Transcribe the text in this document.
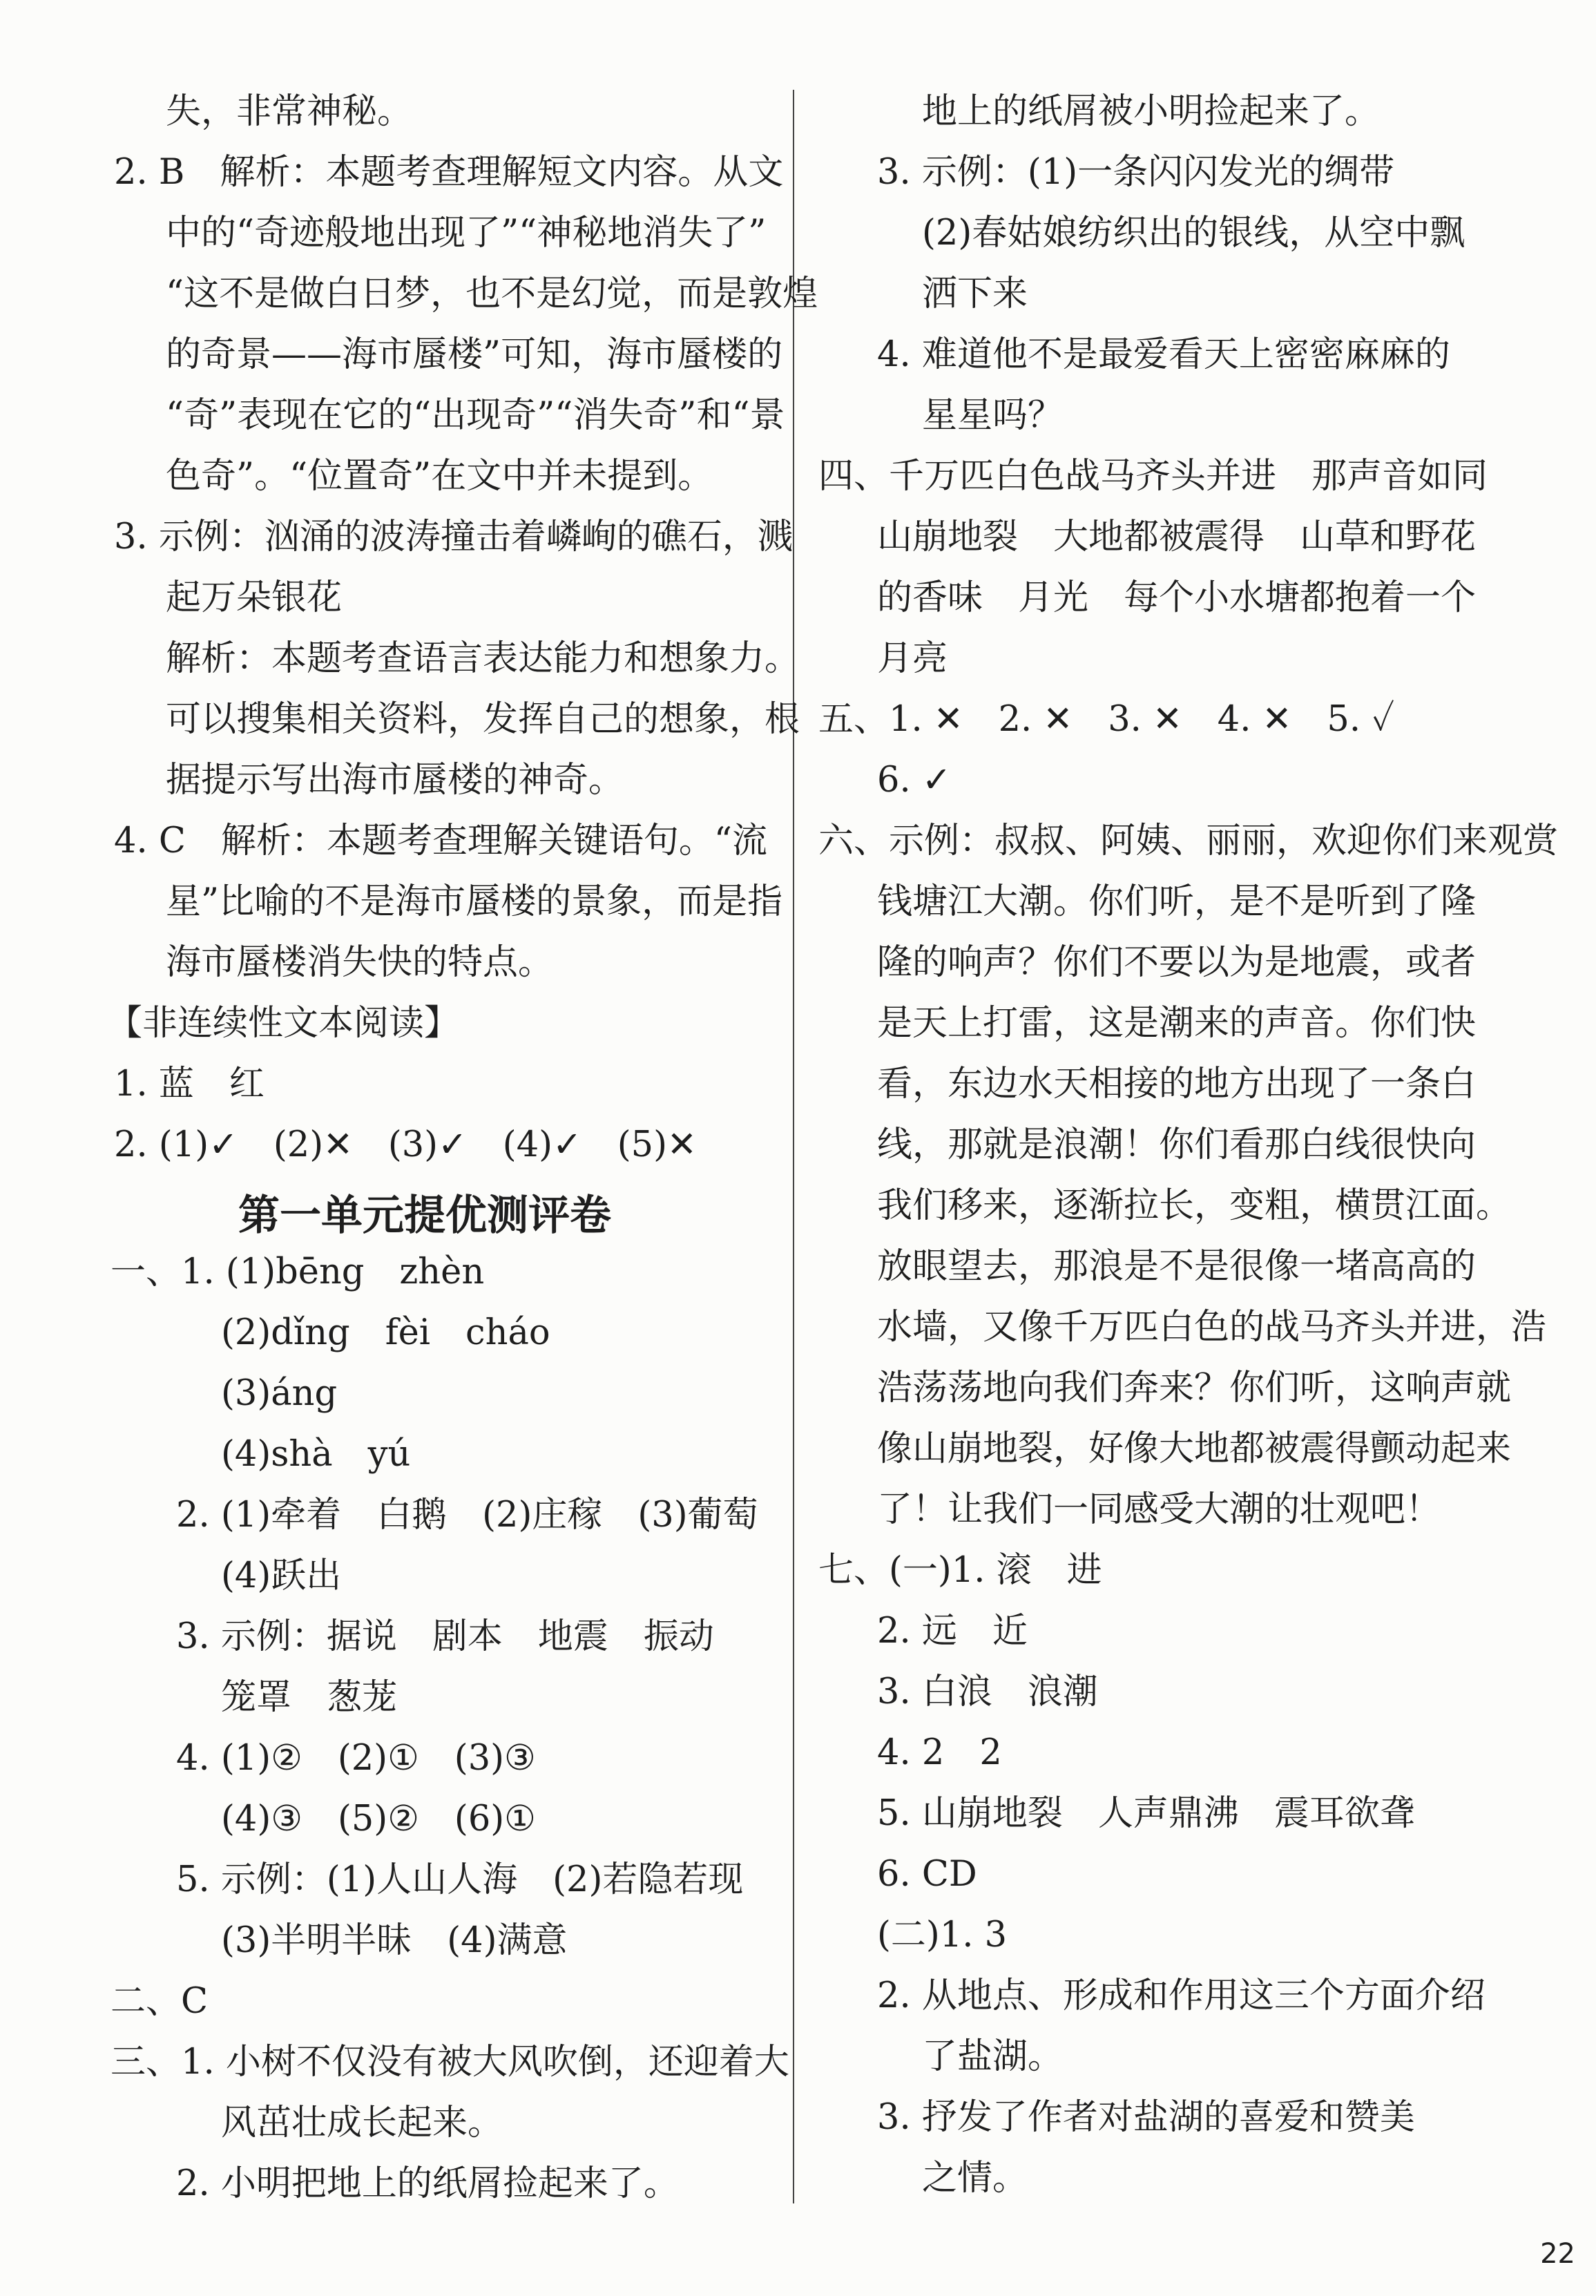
失，非常神秘。
2. B　解析：本题考查理解短文内容。从文
中的“奇迹般地出现了”“神秘地消失了”
“这不是做白日梦，也不是幻觉，而是敦煌
的奇景——海市蜃楼”可知，海市蜃楼的
“奇”表现在它的“出现奇”“消失奇”和“景
色奇”。“位置奇”在文中并未提到。
3. 示例：汹涌的波涛撞击着嶙峋的礁石，溅
起万朵银花
解析：本题考查语言表达能力和想象力。
可以搜集相关资料，发挥自己的想象，根
据提示写出海市蜃楼的神奇。
4. C　解析：本题考查理解关键语句。“流
星”比喻的不是海市蜃楼的景象，而是指
海市蜃楼消失快的特点。
【非连续性文本阅读】
1. 蓝　红
2. (1)✓　(2)✕　(3)✓　(4)✓　(5)✕
第一单元提优测评卷
一、1. (1)bēng　zhèn
(2)dǐng　fèi　cháo
(3)áng
(4)shà　yú
2. (1)牵着　白鹅　(2)庄稼　(3)葡萄
(4)跃出
3. 示例：据说　剧本　地震　振动
笼罩　葱茏
4. (1)②　(2)①　(3)③
(4)③　(5)②　(6)①
5. 示例：(1)人山人海　(2)若隐若现
(3)半明半昧　(4)满意
二、C
三、1. 小树不仅没有被大风吹倒，还迎着大
风茁壮成长起来。
2. 小明把地上的纸屑捡起来了。
地上的纸屑被小明捡起来了。
3. 示例：(1)一条闪闪发光的绸带
(2)春姑娘纺织出的银线，从空中飘
洒下来
4. 难道他不是最爱看天上密密麻麻的
星星吗？
四、千万匹白色战马齐头并进　那声音如同
山崩地裂　大地都被震得　山草和野花
的香味　月光　每个小水塘都抱着一个
月亮
五、1. ✕　2. ✕　3. ✕　4. ✕　5. ✓
6. ✓
六、示例：叔叔、阿姨、丽丽，欢迎你们来观赏
钱塘江大潮。你们听，是不是听到了隆
隆的响声？你们不要以为是地震，或者
是天上打雷，这是潮来的声音。你们快
看，东边水天相接的地方出现了一条白
线，那就是浪潮！你们看那白线很快向
我们移来，逐渐拉长，变粗，横贯江面。
放眼望去，那浪是不是很像一堵高高的
水墙，又像千万匹白色的战马齐头并进，浩
浩荡荡地向我们奔来？你们听，这响声就
像山崩地裂，好像大地都被震得颤动起来
了！让我们一同感受大潮的壮观吧！
七、(一)1. 滚　进
2. 远　近
3. 白浪　浪潮
4. 2　2
5. 山崩地裂　人声鼎沸　震耳欲聋
6. CD
(二)1. 3
2. 从地点、形成和作用这三个方面介绍
了盐湖。
3. 抒发了作者对盐湖的喜爱和赞美
之情。
22
